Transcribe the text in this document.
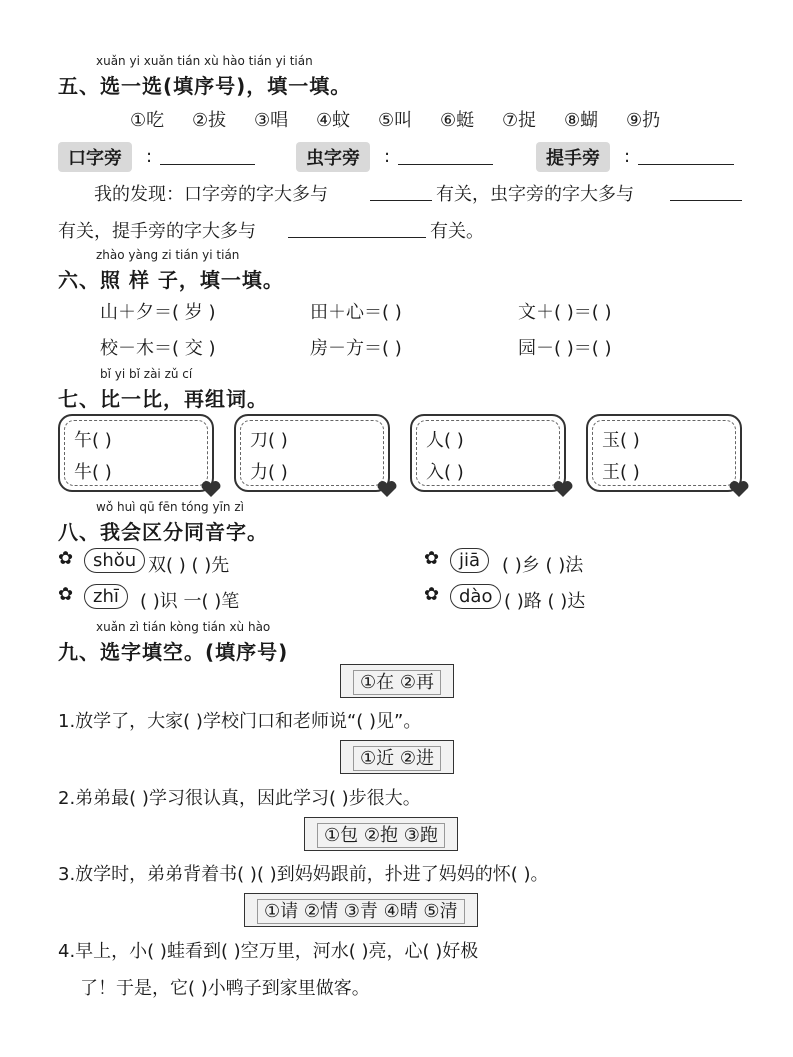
xuǎn yi xuǎn tián xù hào tián yi tián
五、选一选(填序号)，填一填。
①吃 ②拔 ③唱 ④蚊 ⑤叫 ⑥蜓 ⑦捉 ⑧蝴 ⑨扔
口字旁	:	虫字旁	:	提手旁	:
我的发现：口字旁的字大多与	有关，虫字旁的字大多与
有关，提手旁的字大多与	有关。
zhào yàng zi tián yi tián
六、照 样 子，填一填。
山＋夕＝( 岁 )	田＋心＝( )	文＋( )＝( )
校－木＝( 交 )	房－方＝( )	园－( )＝( )
bǐ yi bǐ zài zǔ cí
七、比一比，再组词。
午( )
牛( )
刀( )
力( )
人( )
入( )
玉( )
王( )
wǒ huì qū fēn tóng yīn zì
八、我会区分同音字。
✿	shǒu 双( ) ( )先	✿	jiā	( )乡 ( )法
✿	zhī	( )识 一( )笔	✿	dào ( )路 ( )达
xuǎn zì tián kòng tián xù hào
九、选字填空。(填序号)
①在 ②再
1.放学了，大家( )学校门口和老师说“( )见”。
①近 ②进
2.弟弟最( )学习很认真，因此学习( )步很大。
①包 ②抱 ③跑
3.放学时，弟弟背着书( )( )到妈妈跟前，扑进了妈妈的怀( )。
①请 ②情 ③青 ④晴 ⑤清
4.早上，小( )蛙看到( )空万里，河水( )亮，心( )好极
了！于是，它( )小鸭子到家里做客。
